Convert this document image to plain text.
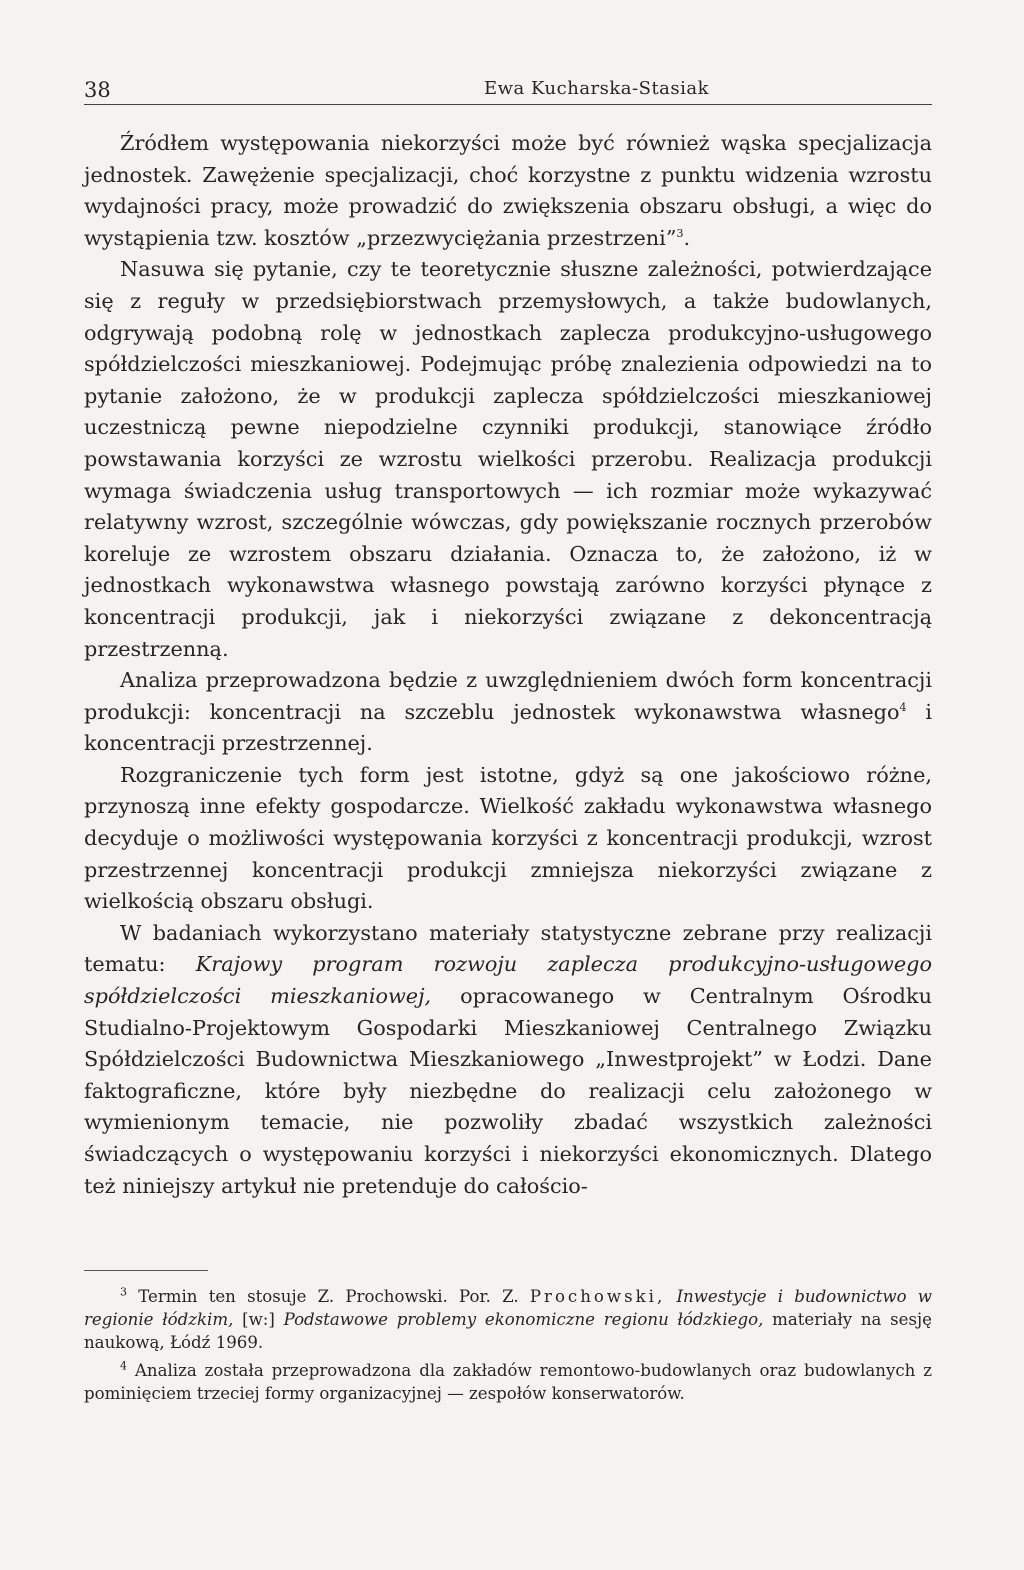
38	Ewa Kucharska-Stasiak

Źródłem występowania niekorzyści może być również wąska specjalizacja jednostek. Zawężenie specjalizacji, choć korzystne z punktu widzenia wzrostu wydajności pracy, może prowadzić do zwiększenia obszaru obsługi, a więc do wystąpienia tzw. kosztów „przezwyciężania przestrzeni”$^3$.

Nasuwa się pytanie, czy te teoretycznie słuszne zależności, potwierdzające się z reguły w przedsiębiorstwach przemysłowych, a także budowlanych, odgrywają podobną rolę w jednostkach zaplecza produkcyjno-usługowego spółdzielczości mieszkaniowej. Podejmując próbę znalezienia odpowiedzi na to pytanie założono, że w produkcji zaplecza spółdzielczości mieszkaniowej uczestniczą pewne niepodzielne czynniki produkcji, stanowiące źródło powstawania korzyści ze wzrostu wielkości przerobu. Realizacja produkcji wymaga świadczenia usług transportowych — ich rozmiar może wykazywać relatywny wzrost, szczególnie wówczas, gdy powiększanie rocznych przerobów koreluje ze wzrostem obszaru działania. Oznacza to, że założono, iż w jednostkach wykonawstwa własnego powstają zarówno korzyści płynące z koncentracji produkcji, jak i niekorzyści związane z dekoncentracją przestrzenną.

Analiza przeprowadzona będzie z uwzględnieniem dwóch form koncentracji produkcji: koncentracji na szczeblu jednostek wykonawstwa własnego$^4$ i koncentracji przestrzennej.

Rozgraniczenie tych form jest istotne, gdyż są one jakościowo różne, przynoszą inne efekty gospodarcze. Wielkość zakładu wykonawstwa własnego decyduje o możliwości występowania korzyści z koncentracji produkcji, wzrost przestrzennej koncentracji produkcji zmniejsza niekorzyści związane z wielkością obszaru obsługi.

W badaniach wykorzystano materiały statystyczne zebrane przy realizacji tematu: Krajowy program rozwoju zaplecza produkcyjno-usługowego spółdzielczości mieszkaniowej, opracowanego w Centralnym Ośrodku Studialno-Projektowym Gospodarki Mieszkaniowej Centralnego Związku Spółdzielczości Budownictwa Mieszkaniowego „Inwestprojekt” w Łodzi. Dane faktograficzne, które były niezbędne do realizacji celu założonego w wymienionym temacie, nie pozwoliły zbadać wszystkich zależności świadczących o występowaniu korzyści i niekorzyści ekonomicznych. Dlatego też niniejszy artykuł nie pretenduje do całościo-

$^3$ Termin ten stosuje Z. Prochowski. Por. Z. Prochowski, Inwestycje i budownictwo w regionie łódzkim, [w:] Podstawowe problemy ekonomiczne regionu łódzkiego, materiały na sesję naukową, Łódź 1969.

$^4$ Analiza została przeprowadzona dla zakładów remontowo-budowlanych oraz budowlanych z pominięciem trzeciej formy organizacyjnej — zespołów konserwatorów.
